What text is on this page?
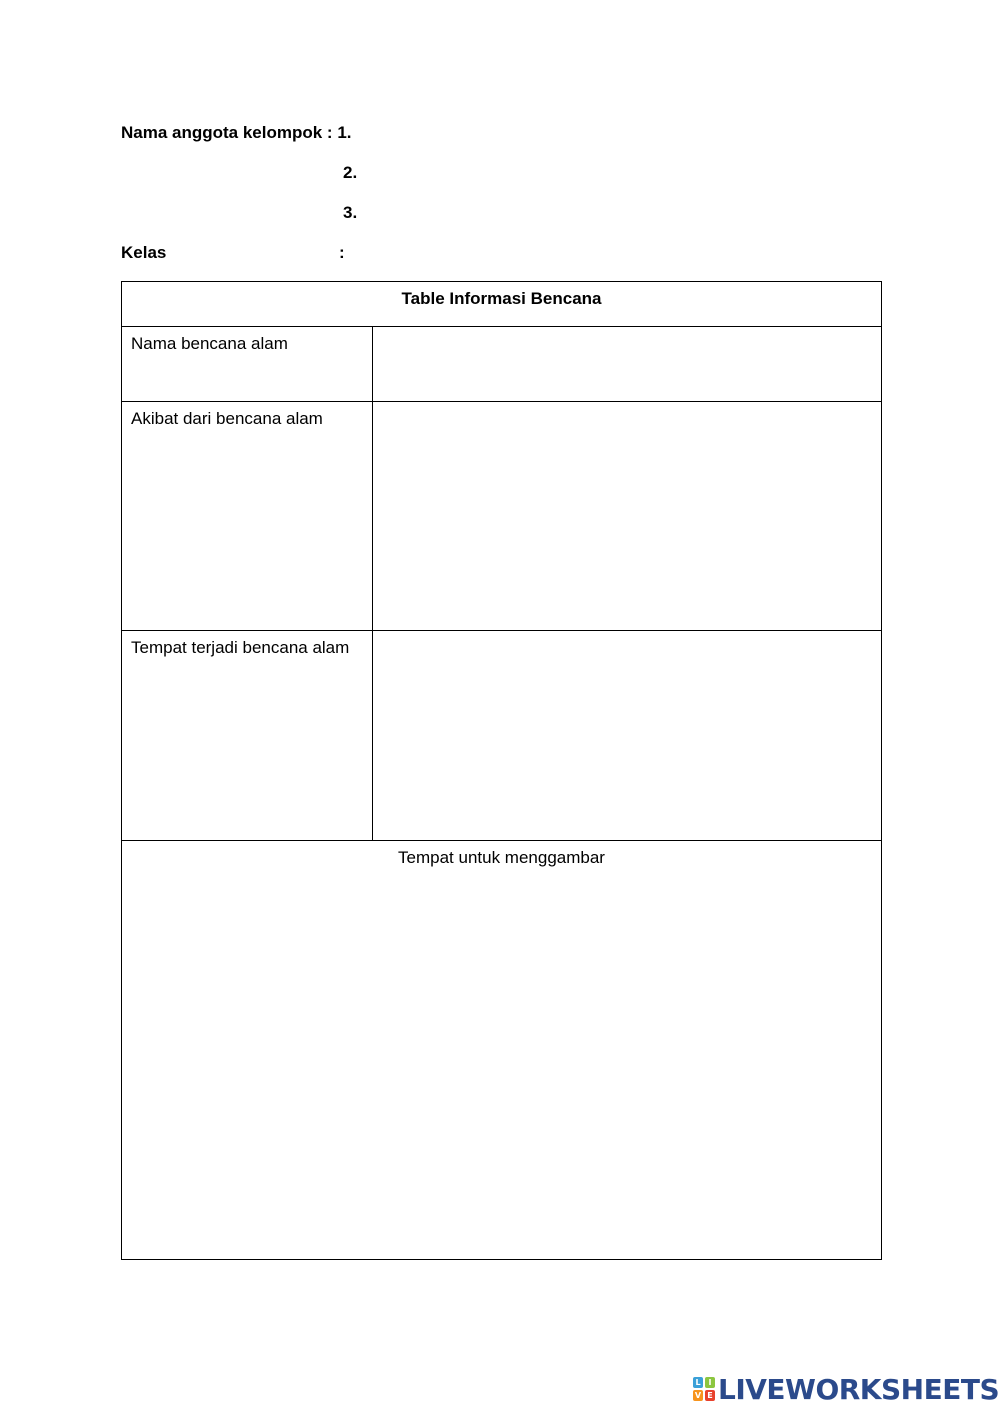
Nama anggota kelompok : 1.
2.
3.
Kelas	:
Table Informasi Bencana	
Nama bencana alam	
Akibat dari bencana alam	
Tempat terjadi bencana alam	
Tempat untuk menggambar	
L I
V E LIVEWORKSHEETS
